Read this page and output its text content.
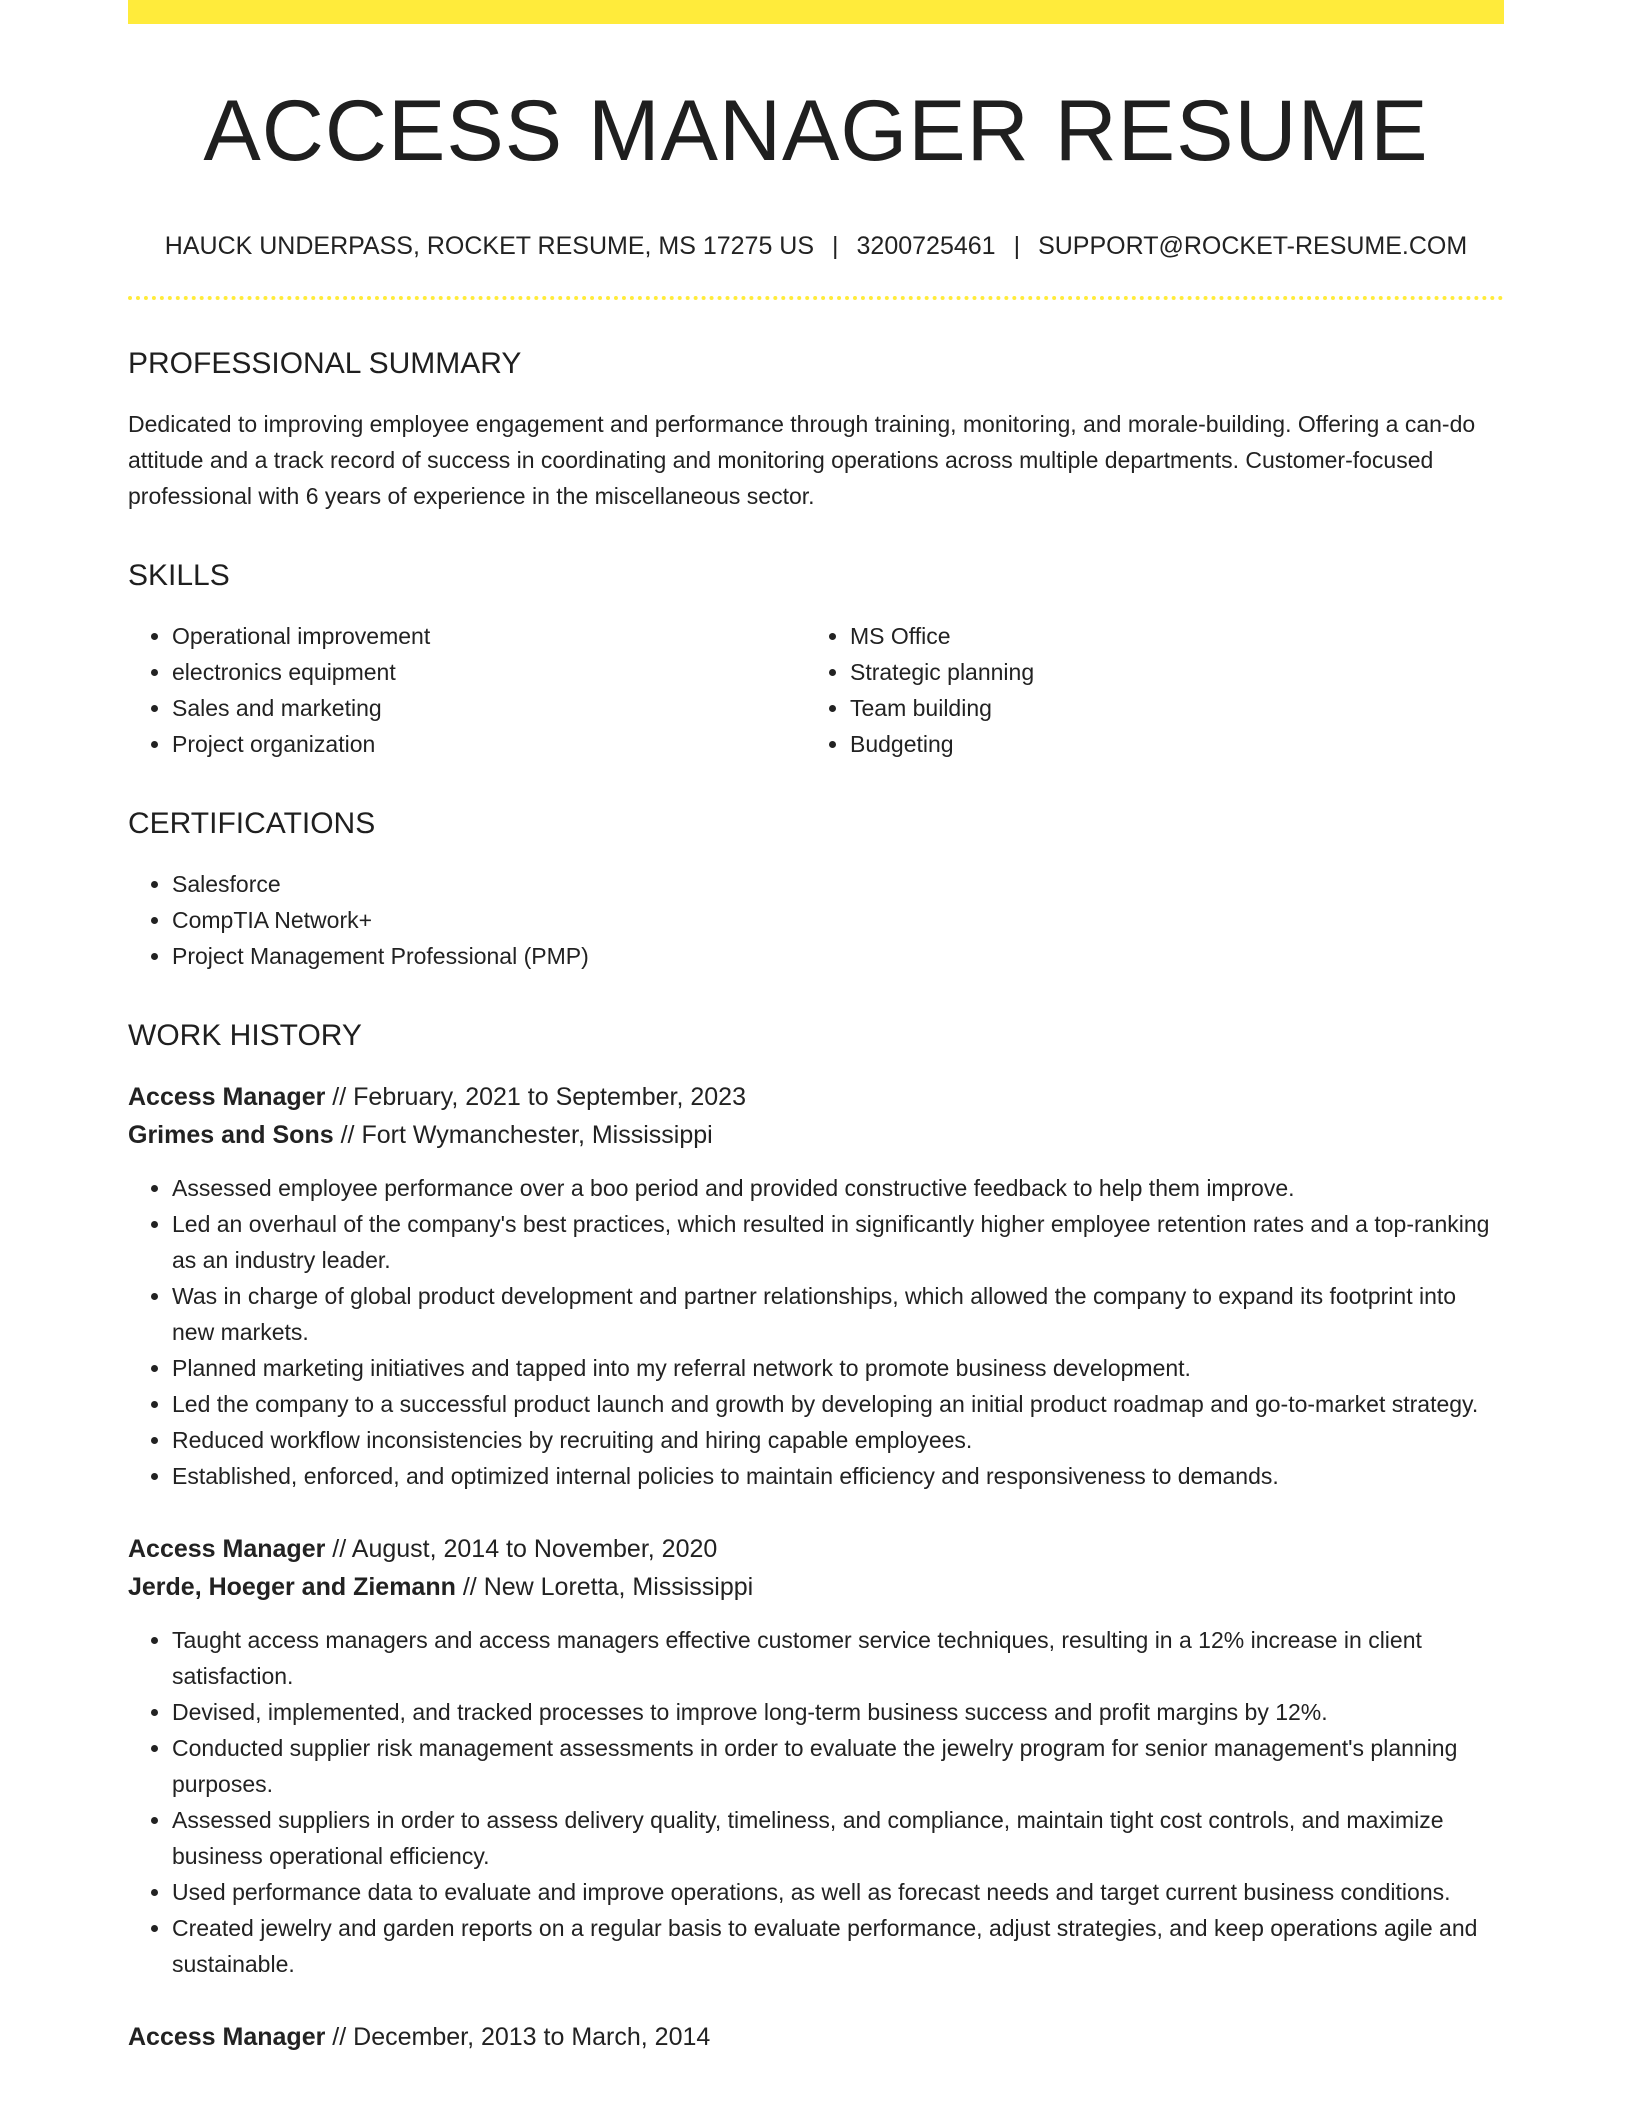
ACCESS MANAGER RESUME
HAUCK UNDERPASS, ROCKET RESUME, MS 17275 US | 3200725461 | SUPPORT@ROCKET-RESUME.COM
PROFESSIONAL SUMMARY

Dedicated to improving employee engagement and performance through training, monitoring, and morale-building. Offering a can-do attitude and a track record of success in coordinating and monitoring operations across multiple departments. Customer-focused professional with 6 years of experience in the miscellaneous sector.

SKILLS
• Operational improvement
• electronics equipment
• Sales and marketing
• Project organization
• MS Office
• Strategic planning
• Team building
• Budgeting
CERTIFICATIONS
• Salesforce
• CompTIA Network+
• Project Management Professional (PMP)
WORK HISTORY
Access Manager // February, 2021 to September, 2023
Grimes and Sons // Fort Wymanchester, Mississippi
• Assessed employee performance over a boo period and provided constructive feedback to help them improve.
• Led an overhaul of the company's best practices, which resulted in significantly higher employee retention rates and a top-ranking as an industry leader.
• Was in charge of global product development and partner relationships, which allowed the company to expand its footprint into new markets.
• Planned marketing initiatives and tapped into my referral network to promote business development.
• Led the company to a successful product launch and growth by developing an initial product roadmap and go-to-market strategy.
• Reduced workflow inconsistencies by recruiting and hiring capable employees.
• Established, enforced, and optimized internal policies to maintain efficiency and responsiveness to demands.
Access Manager // August, 2014 to November, 2020
Jerde, Hoeger and Ziemann // New Loretta, Mississippi
• Taught access managers and access managers effective customer service techniques, resulting in a 12% increase in client satisfaction.
• Devised, implemented, and tracked processes to improve long-term business success and profit margins by 12%.
• Conducted supplier risk management assessments in order to evaluate the jewelry program for senior management's planning purposes.
• Assessed suppliers in order to assess delivery quality, timeliness, and compliance, maintain tight cost controls, and maximize business operational efficiency.
• Used performance data to evaluate and improve operations, as well as forecast needs and target current business conditions.
• Created jewelry and garden reports on a regular basis to evaluate performance, adjust strategies, and keep operations agile and sustainable.
Access Manager // December, 2013 to March, 2014
